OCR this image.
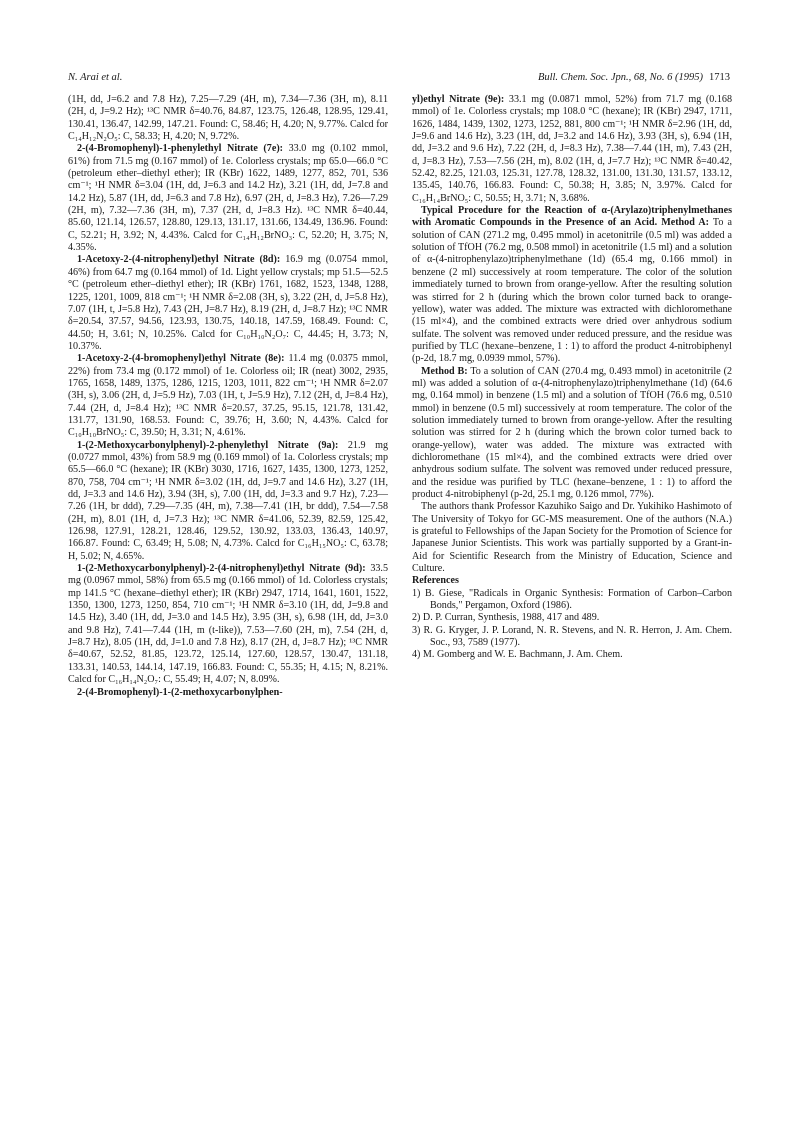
N. Arai et al.	Bull. Chem. Soc. Jpn., 68, No. 6 (1995) 1713

(1H, dd, J=6.2 and 7.8 Hz), 7.25—7.29 (4H, m), 7.34—7.36 (3H, m), 8.11 (2H, d, J=9.2 Hz); ¹³C NMR δ=40.76, 84.87, 123.75, 126.48, 128.95, 129.41, 130.41, 136.47, 142.99, 147.21. Found: C, 58.46; H, 4.20; N, 9.77%. Calcd for C₁₄H₁₂N₂O₅: C, 58.33; H, 4.20; N, 9.72%.

2-(4-Bromophenyl)-1-phenylethyl Nitrate (7e): 33.0 mg (0.102 mmol, 61%) from 71.5 mg (0.167 mmol) of 1e. Colorless crystals; mp 65.0—66.0 °C (petroleum ether–diethyl ether); IR (KBr) 1622, 1489, 1277, 852, 701, 536 cm⁻¹; ¹H NMR δ=3.04 (1H, dd, J=6.3 and 14.2 Hz), 3.21 (1H, dd, J=7.8 and 14.2 Hz), 5.87 (1H, dd, J=6.3 and 7.8 Hz), 6.97 (2H, d, J=8.3 Hz), 7.26—7.29 (2H, m), 7.32—7.36 (3H, m), 7.37 (2H, d, J=8.3 Hz). ¹³C NMR δ=40.44, 85.60, 121.14, 126.57, 128.80, 129.13, 131.17, 131.66, 134.49, 136.96. Found: C, 52.21; H, 3.92; N, 4.43%. Calcd for C₁₄H₁₂BrNO₃: C, 52.20; H, 3.75; N, 4.35%.

1-Acetoxy-2-(4-nitrophenyl)ethyl Nitrate (8d): 16.9 mg (0.0754 mmol, 46%) from 64.7 mg (0.164 mmol) of 1d. Light yellow crystals; mp 51.5—52.5 °C (petroleum ether–diethyl ether); IR (KBr) 1761, 1682, 1523, 1348, 1288, 1225, 1201, 1009, 818 cm⁻¹; ¹H NMR δ=2.08 (3H, s), 3.22 (2H, d, J=5.8 Hz), 7.07 (1H, t, J=5.8 Hz), 7.43 (2H, J=8.7 Hz), 8.19 (2H, d, J=8.7 Hz); ¹³C NMR δ=20.54, 37.57, 94.56, 123.93, 130.75, 140.18, 147.59, 168.49. Found: C, 44.50; H, 3.61; N, 10.25%. Calcd for C₁₀H₁₀N₂O₇: C, 44.45; H, 3.73; N, 10.37%.

1-Acetoxy-2-(4-bromophenyl)ethyl Nitrate (8e): 11.4 mg (0.0375 mmol, 22%) from 73.4 mg (0.172 mmol) of 1e. Colorless oil; IR (neat) 3002, 2935, 1765, 1658, 1489, 1375, 1286, 1215, 1203, 1011, 822 cm⁻¹; ¹H NMR δ=2.07 (3H, s), 3.06 (2H, d, J=5.9 Hz), 7.03 (1H, t, J=5.9 Hz), 7.12 (2H, d, J=8.4 Hz), 7.44 (2H, d, J=8.4 Hz); ¹³C NMR δ=20.57, 37.25, 95.15, 121.78, 131.42, 131.77, 131.90, 168.53. Found: C, 39.76; H, 3.60; N, 4.43%. Calcd for C₁₀H₁₀BrNO₅: C, 39.50; H, 3.31; N, 4.61%.

1-(2-Methoxycarbonylphenyl)-2-phenylethyl Nitrate (9a): 21.9 mg (0.0727 mmol, 43%) from 58.9 mg (0.169 mmol) of 1a. Colorless crystals; mp 65.5—66.0 °C (hexane); IR (KBr) 3030, 1716, 1627, 1435, 1300, 1273, 1252, 870, 758, 704 cm⁻¹; ¹H NMR δ=3.02 (1H, dd, J=9.7 and 14.6 Hz), 3.27 (1H, dd, J=3.3 and 14.6 Hz), 3.94 (3H, s), 7.00 (1H, dd, J=3.3 and 9.7 Hz), 7.23—7.26 (1H, br ddd), 7.29—7.35 (4H, m), 7.38—7.41 (1H, br ddd), 7.54—7.58 (2H, m), 8.01 (1H, d, J=7.3 Hz); ¹³C NMR δ=41.06, 52.39, 82.59, 125.42, 126.98, 127.91, 128.21, 128.46, 129.52, 130.92, 133.03, 136.43, 140.97, 166.87. Found: C, 63.49; H, 5.08; N, 4.73%. Calcd for C₁₆H₁₅NO₅: C, 63.78; H, 5.02; N, 4.65%.

1-(2-Methoxycarbonylphenyl)-2-(4-nitrophenyl)ethyl Nitrate (9d): 33.5 mg (0.0967 mmol, 58%) from 65.5 mg (0.166 mmol) of 1d. Colorless crystals; mp 141.5 °C (hexane–diethyl ether); IR (KBr) 2947, 1714, 1641, 1601, 1522, 1350, 1300, 1273, 1250, 854, 710 cm⁻¹; ¹H NMR δ=3.10 (1H, dd, J=9.8 and 14.5 Hz), 3.40 (1H, dd, J=3.0 and 14.5 Hz), 3.95 (3H, s), 6.98 (1H, dd, J=3.0 and 9.8 Hz), 7.41—7.44 (1H, m (t-like)), 7.53—7.60 (2H, m), 7.54 (2H, d, J=8.7 Hz), 8.05 (1H, dd, J=1.0 and 7.8 Hz), 8.17 (2H, d, J=8.7 Hz); ¹³C NMR δ=40.67, 52.52, 81.85, 123.72, 125.14, 127.60, 128.57, 130.47, 131.18, 133.31, 140.53, 144.14, 147.19, 166.83. Found: C, 55.35; H, 4.15; N, 8.21%. Calcd for C₁₆H₁₄N₂O₇: C, 55.49; H, 4.07; N, 8.09%.

2-(4-Bromophenyl)-1-(2-methoxycarbonylphen-

yl)ethyl Nitrate (9e): 33.1 mg (0.0871 mmol, 52%) from 71.7 mg (0.168 mmol) of 1e. Colorless crystals; mp 108.0 °C (hexane); IR (KBr) 2947, 1711, 1626, 1484, 1439, 1302, 1273, 1252, 881, 800 cm⁻¹; ¹H NMR δ=2.96 (1H, dd, J=9.6 and 14.6 Hz), 3.23 (1H, dd, J=3.2 and 14.6 Hz), 3.93 (3H, s), 6.94 (1H, dd, J=3.2 and 9.6 Hz), 7.22 (2H, d, J=8.3 Hz), 7.38—7.44 (1H, m), 7.43 (2H, d, J=8.3 Hz), 7.53—7.56 (2H, m), 8.02 (1H, d, J=7.7 Hz); ¹³C NMR δ=40.42, 52.42, 82.25, 121.03, 125.31, 127.78, 128.32, 131.00, 131.30, 131.57, 133.12, 135.45, 140.76, 166.83. Found: C, 50.38; H, 3.85; N, 3.97%. Calcd for C₁₆H₁₄BrNO₅: C, 50.55; H, 3.71; N, 3.68%.

Typical Procedure for the Reaction of α-(Arylazo)triphenylmethanes with Aromatic Compounds in the Presence of an Acid. Method A: To a solution of CAN (271.2 mg, 0.495 mmol) in acetonitrile (0.5 ml) was added a solution of TfOH (76.2 mg, 0.508 mmol) in acetonitrile (1.5 ml) and a solution of α-(4-nitrophenylazo)triphenylmethane (1d) (65.4 mg, 0.166 mmol) in benzene (2 ml) successively at room temperature. The color of the solution immediately turned to brown from orange-yellow. After the resulting solution was stirred for 2 h (during which the brown color turned back to orange-yellow), water was added. The mixture was extracted with dichloromethane (15 ml×4), and the combined extracts were dried over anhydrous sodium sulfate. The solvent was removed under reduced pressure, and the residue was purified by TLC (hexane–benzene, 1 : 1) to afford the product 4-nitrobiphenyl (p-2d, 18.7 mg, 0.0939 mmol, 57%).

Method B: To a solution of CAN (270.4 mg, 0.493 mmol) in acetonitrile (2 ml) was added a solution of α-(4-nitrophenylazo)triphenylmethane (1d) (64.6 mg, 0.164 mmol) in benzene (1.5 ml) and a solution of TfOH (76.6 mg, 0.510 mmol) in benzene (0.5 ml) successively at room temperature. The color of the solution immediately turned to brown from orange-yellow. After the resulting solution was stirred for 2 h (during which the brown color turned back to orange-yellow), water was added. The mixture was extracted with dichloromethane (15 ml×4), and the combined extracts were dried over anhydrous sodium sulfate. The solvent was removed under reduced pressure, and the residue was purified by TLC (hexane–benzene, 1 : 1) to afford the product 4-nitrobiphenyl (p-2d, 25.1 mg, 0.126 mmol, 77%).

The authors thank Professor Kazuhiko Saigo and Dr. Yukihiko Hashimoto of The University of Tokyo for GC-MS measurement. One of the authors (N.A.) is grateful to Fellowships of the Japan Society for the Promotion of Science for Japanese Junior Scientists. This work was partially supported by a Grant-in-Aid for Scientific Research from the Ministry of Education, Science and Culture.

References

1) B. Giese, "Radicals in Organic Synthesis: Formation of Carbon–Carbon Bonds," Pergamon, Oxford (1986).

2) D. P. Curran, Synthesis, 1988, 417 and 489.

3) R. G. Kryger, J. P. Lorand, N. R. Stevens, and N. R. Herron, J. Am. Chem. Soc., 93, 7589 (1977).

4) M. Gomberg and W. E. Bachmann, J. Am. Chem.
